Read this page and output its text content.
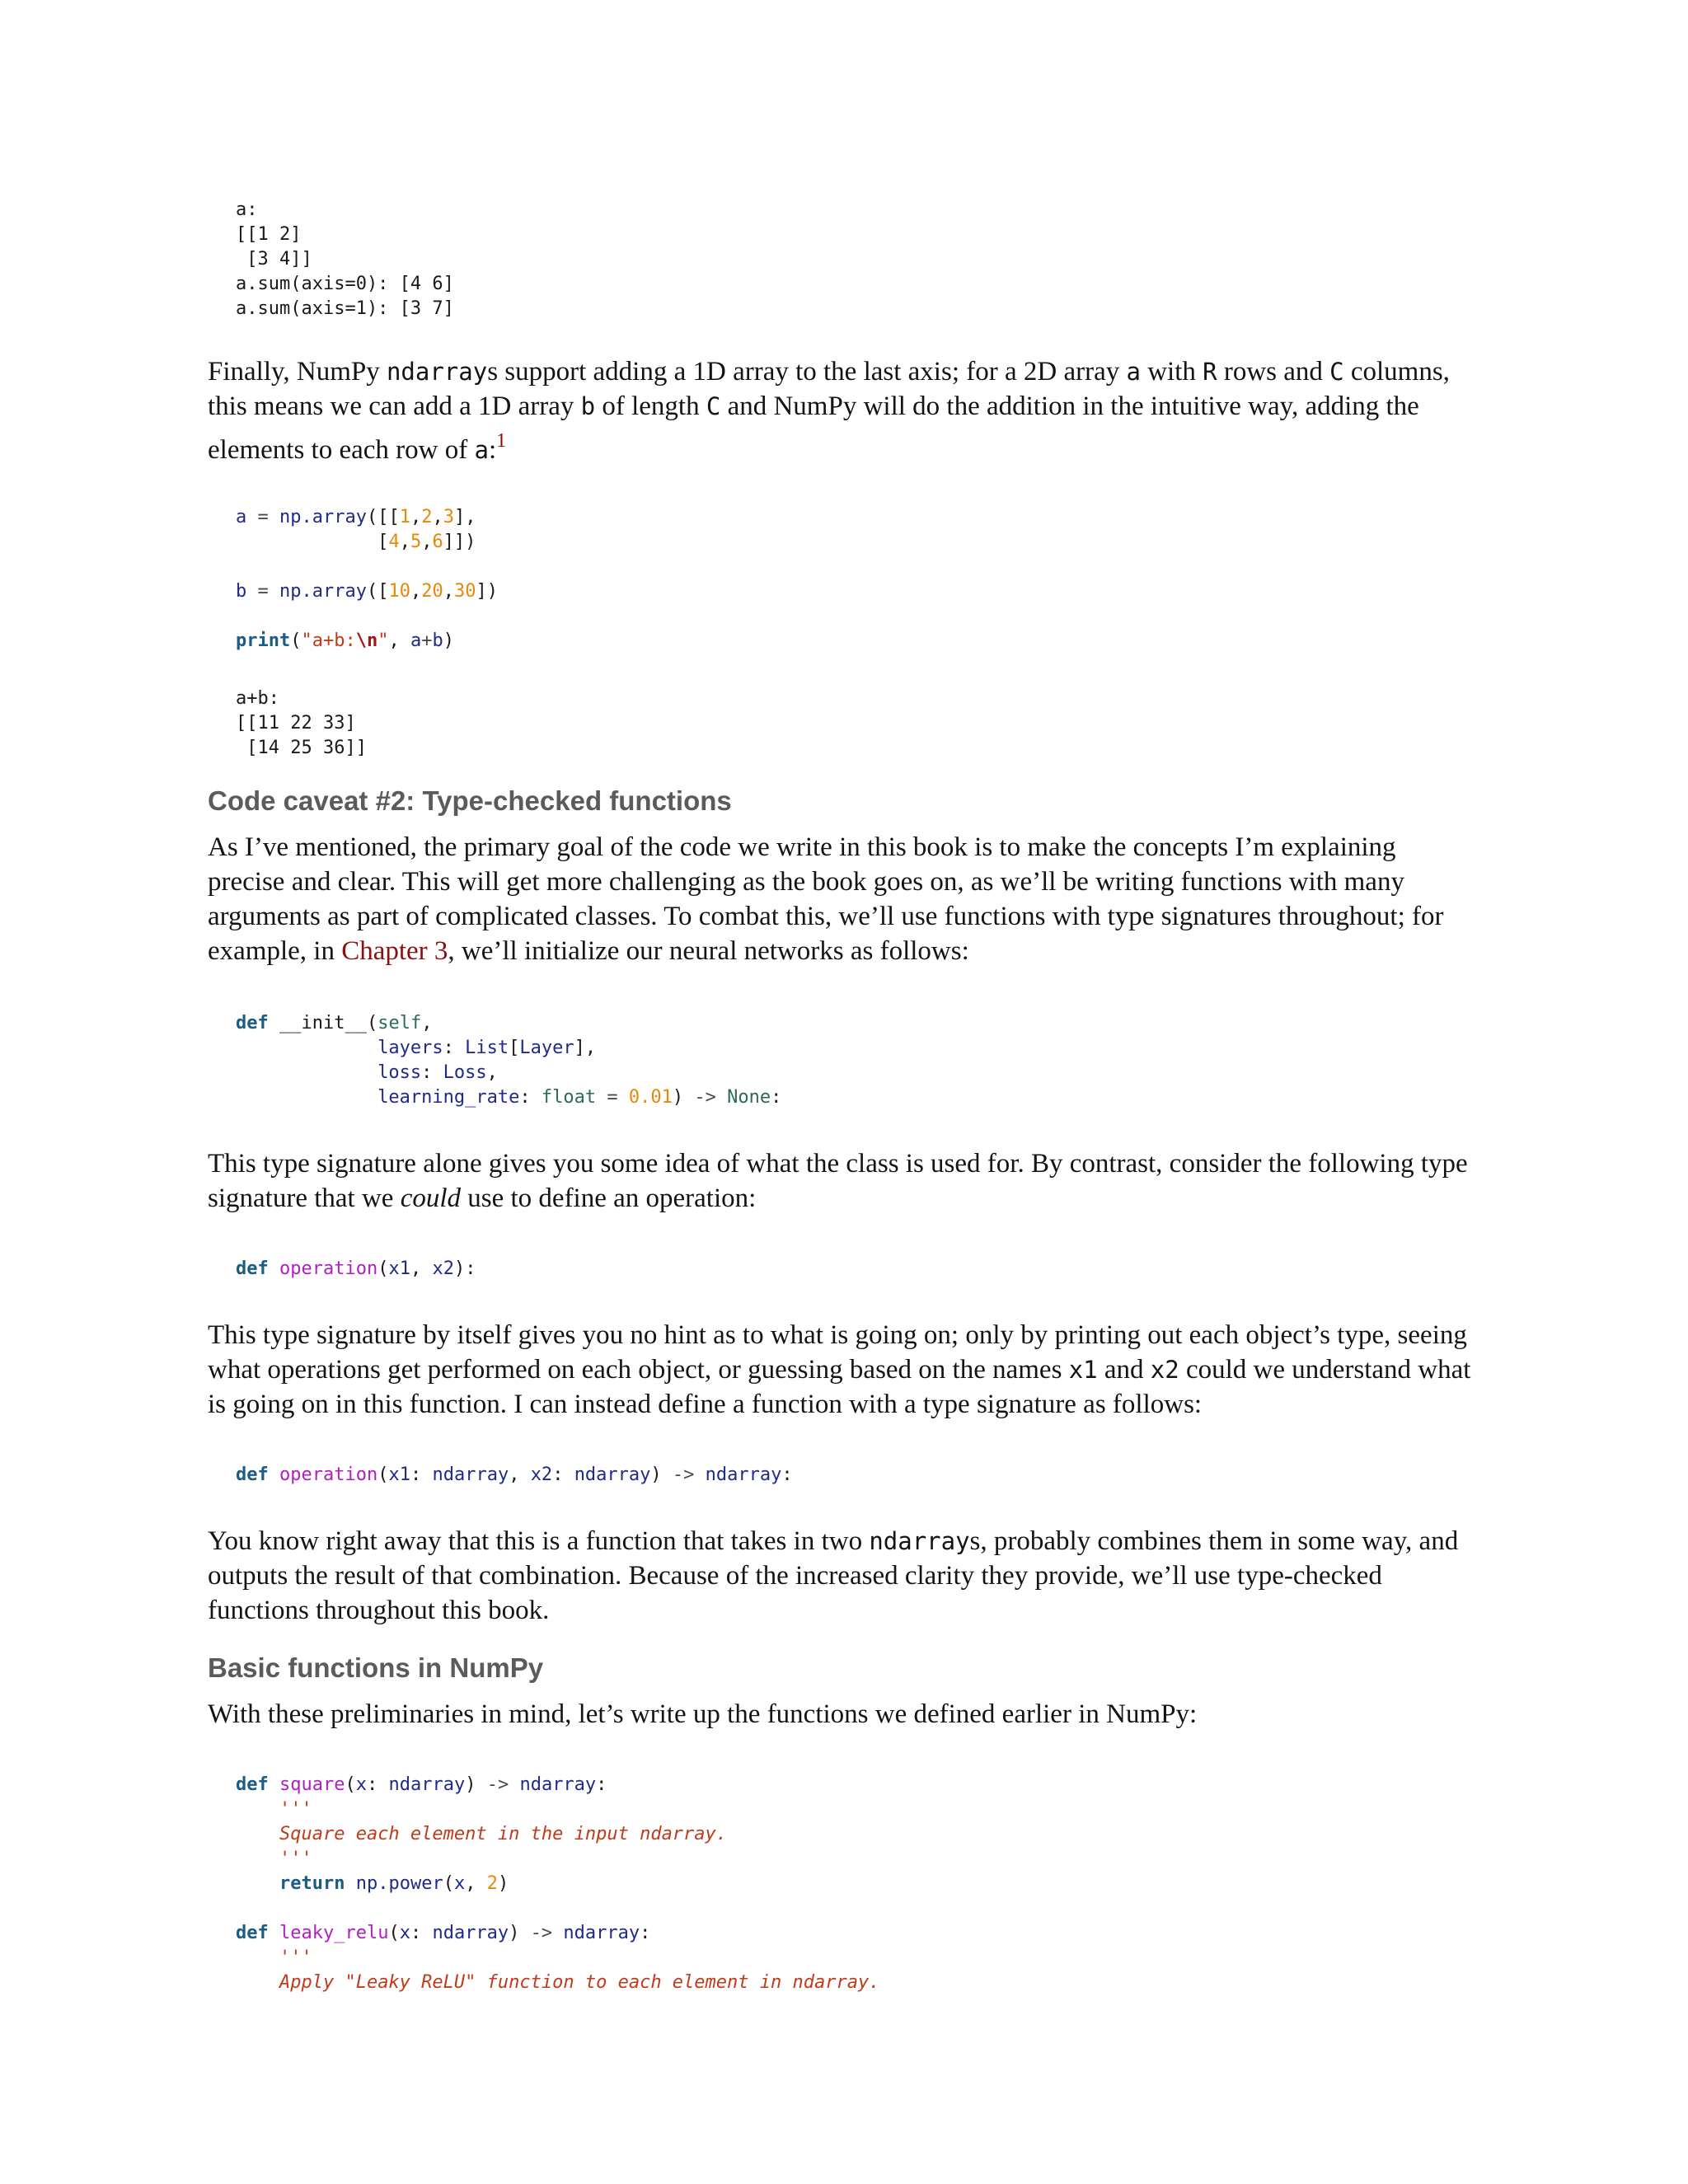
a:
[[1 2]
[3 4]]
a.sum(axis=0): [4 6]
a.sum(axis=1): [3 7]

Finally, NumPy ndarrays support adding a 1D array to the last axis; for a 2D array a with R rows and C columns, this means we can add a 1D array b of length C and NumPy will do the addition in the intuitive way, adding the elements to each row of a:$^1$

a = np.array([[1,2,3],
[4,5,6]])
b = np.array([10,20,30])
print("a+b:\n", a+b)
a+b:
[[11 22 33]
[14 25 36]]
Code caveat #2: Type-checked functions

As I’ve mentioned, the primary goal of the code we write in this book is to make the concepts I’m explaining precise and clear. This will get more challenging as the book goes on, as we’ll be writing functions with many arguments as part of complicated classes. To combat this, we’ll use functions with type signatures throughout; for example, in Chapter 3, we’ll initialize our neural networks as follows:

def __init__(self,
layers: List[Layer],
loss: Loss,
learning_rate: float = 0.01) -> None:

This type signature alone gives you some idea of what the class is used for. By contrast, consider the following type signature that we could use to define an operation:

def operation(x1, x2):

This type signature by itself gives you no hint as to what is going on; only by printing out each object’s type, seeing what operations get performed on each object, or guessing based on the names x1 and x2 could we understand what is going on in this function. I can instead define a function with a type signature as follows:

def operation(x1: ndarray, x2: ndarray) -> ndarray:

You know right away that this is a function that takes in two ndarrays, probably combines them in some way, and outputs the result of that combination. Because of the increased clarity they provide, we’ll use type-checked functions throughout this book.

Basic functions in NumPy

With these preliminaries in mind, let’s write up the functions we defined earlier in NumPy:

def square(x: ndarray) -> ndarray:
'''
Square each element in the input ndarray.
'''
return np.power(x, 2)
def leaky_relu(x: ndarray) -> ndarray:
'''
Apply "Leaky ReLU" function to each element in ndarray.
